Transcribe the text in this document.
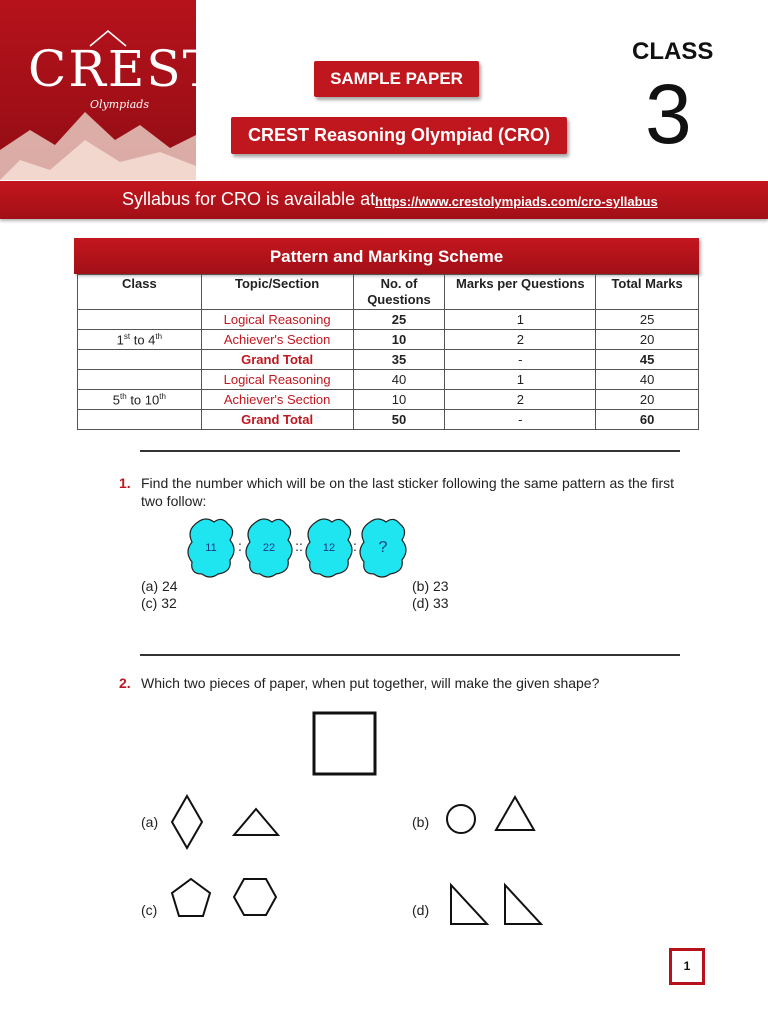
CREST
Olympiads
SAMPLE PAPER
CREST Reasoning Olympiad (CRO)
CLASS
3
Syllabus for CRO is available at https://www.crestolympiads.com/cro-syllabus
Pattern and Marking Scheme
Class	Topic/Section	No. of Questions	Marks per Questions	Total Marks
	Logical Reasoning	25	1	25
1st to 4th	Achiever's Section	10	2	20
	Grand Total	35	-	45
	Logical Reasoning	40	1	40
5th to 10th	Achiever's Section	10	2	20
	Grand Total	50	-	60
1. Find the number which will be on the last sticker following the same pattern as the first two follow:
11	22	12	?
:	::	:
(a) 24	(b) 23
(c) 32	(d) 33
2. Which two pieces of paper, when put together, will make the given shape?
(a)	(b)
(c)	(d)
1
